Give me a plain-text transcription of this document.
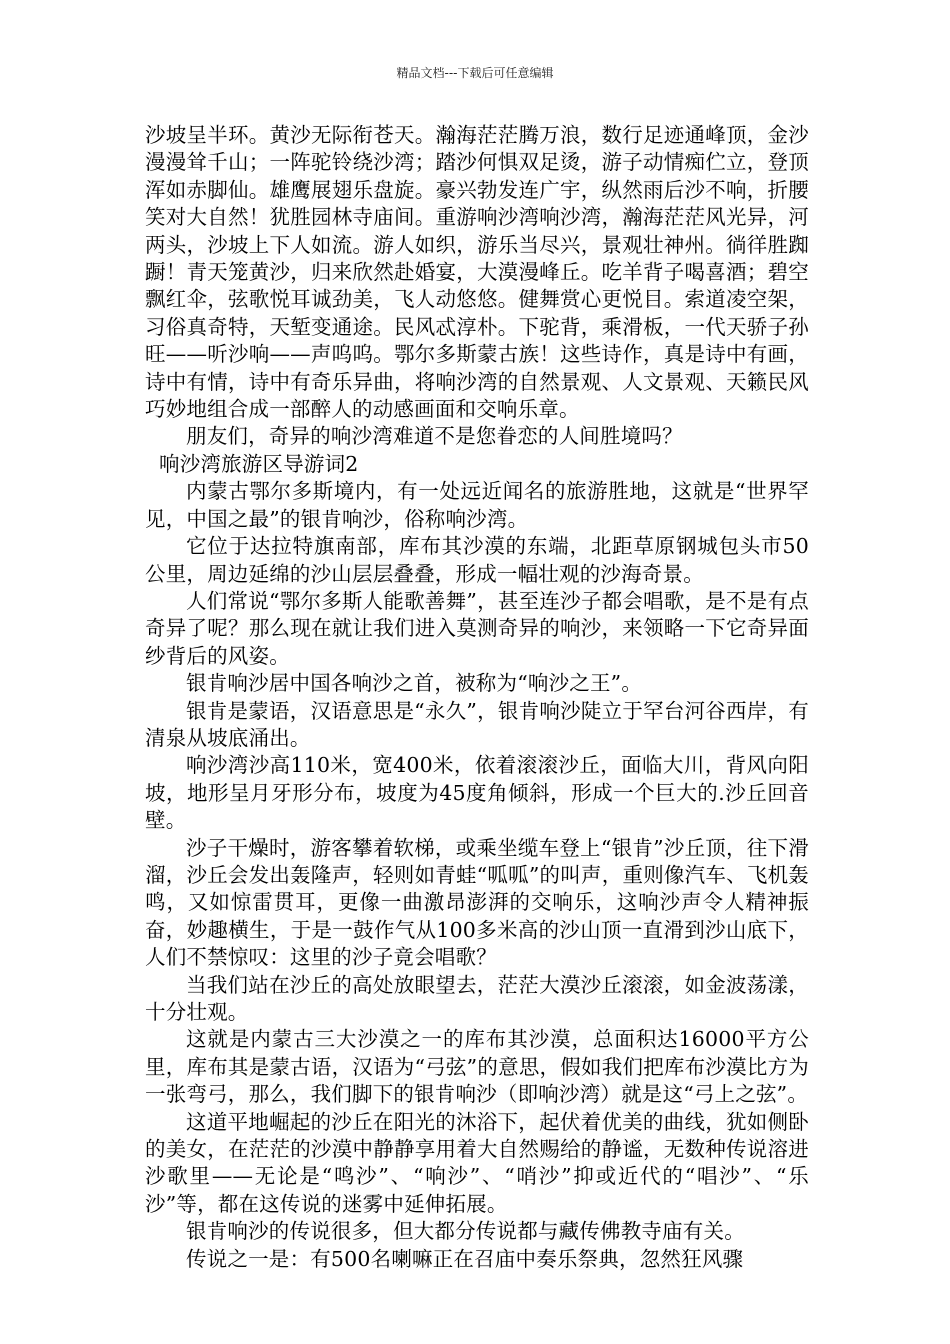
精品文档---下载后可任意编辑

沙坡呈半环。黄沙无际衔苍天。瀚海茫茫腾万浪，数行足迹通峰顶，金沙漫漫耸千山；一阵驼铃绕沙湾；踏沙何惧双足烫，游子动情痴伫立，登顶浑如赤脚仙。雄鹰展翅乐盘旋。豪兴勃发连广宇，纵然雨后沙不响，折腰笑对大自然！犹胜园林寺庙间。重游响沙湾响沙湾，瀚海茫茫风光异，河两头，沙坡上下人如流。游人如织，游乐当尽兴，景观壮神州。徜徉胜踟蹰！青天笼黄沙，归来欣然赴婚宴，大漠漫峰丘。吃羊背子喝喜酒；碧空飘红伞，弦歌悦耳诚劲美，飞人动悠悠。健舞赏心更悦目。索道凌空架，习俗真奇特，天堑变通途。民风忒淳朴。下驼背，乘滑板，一代天骄子孙旺——听沙响——声呜呜。鄂尔多斯蒙古族！这些诗作，真是诗中有画，诗中有情，诗中有奇乐异曲，将响沙湾的自然景观、人文景观、天籁民风巧妙地组合成一部醉人的动感画面和交响乐章。

朋友们，奇异的响沙湾难道不是您眷恋的人间胜境吗？

响沙湾旅游区导游词2

内蒙古鄂尔多斯境内，有一处远近闻名的旅游胜地，这就是“世界罕见，中国之最”的银肯响沙，俗称响沙湾。

它位于达拉特旗南部，库布其沙漠的东端，北距草原钢城包头市50公里，周边延绵的沙山层层叠叠，形成一幅壮观的沙海奇景。

人们常说“鄂尔多斯人能歌善舞”，甚至连沙子都会唱歌，是不是有点奇异了呢？那么现在就让我们进入莫测奇异的响沙，来领略一下它奇异面纱背后的风姿。

银肯响沙居中国各响沙之首，被称为“响沙之王”。

银肯是蒙语，汉语意思是“永久”，银肯响沙陡立于罕台河谷西岸，有清泉从坡底涌出。

响沙湾沙高110米，宽400米，依着滚滚沙丘，面临大川，背风向阳坡，地形呈月牙形分布，坡度为45度角倾斜，形成一个巨大的.沙丘回音壁。

沙子干燥时，游客攀着软梯，或乘坐缆车登上“银肯”沙丘顶，往下滑溜，沙丘会发出轰隆声，轻则如青蛙“呱呱”的叫声，重则像汽车、飞机轰鸣，又如惊雷贯耳，更像一曲激昂澎湃的交响乐，这响沙声令人精神振奋，妙趣横生，于是一鼓作气从100多米高的沙山顶一直滑到沙山底下，人们不禁惊叹：这里的沙子竟会唱歌？

当我们站在沙丘的高处放眼望去，茫茫大漠沙丘滚滚，如金波荡漾，十分壮观。

这就是内蒙古三大沙漠之一的库布其沙漠，总面积达16000平方公里，库布其是蒙古语，汉语为“弓弦”的意思，假如我们把库布沙漠比方为一张弯弓，那么，我们脚下的银肯响沙（即响沙湾）就是这“弓上之弦”。

这道平地崛起的沙丘在阳光的沐浴下，起伏着优美的曲线，犹如侧卧的美女，在茫茫的沙漠中静静享用着大自然赐给的静谧，无数种传说溶进沙歌里——无论是“鸣沙”、“响沙”、“哨沙”抑或近代的“唱沙”、“乐沙”等，都在这传说的迷雾中延伸拓展。

银肯响沙的传说很多，但大都分传说都与藏传佛教寺庙有关。

传说之一是：有500名喇嘛正在召庙中奏乐祭典，忽然狂风骤
